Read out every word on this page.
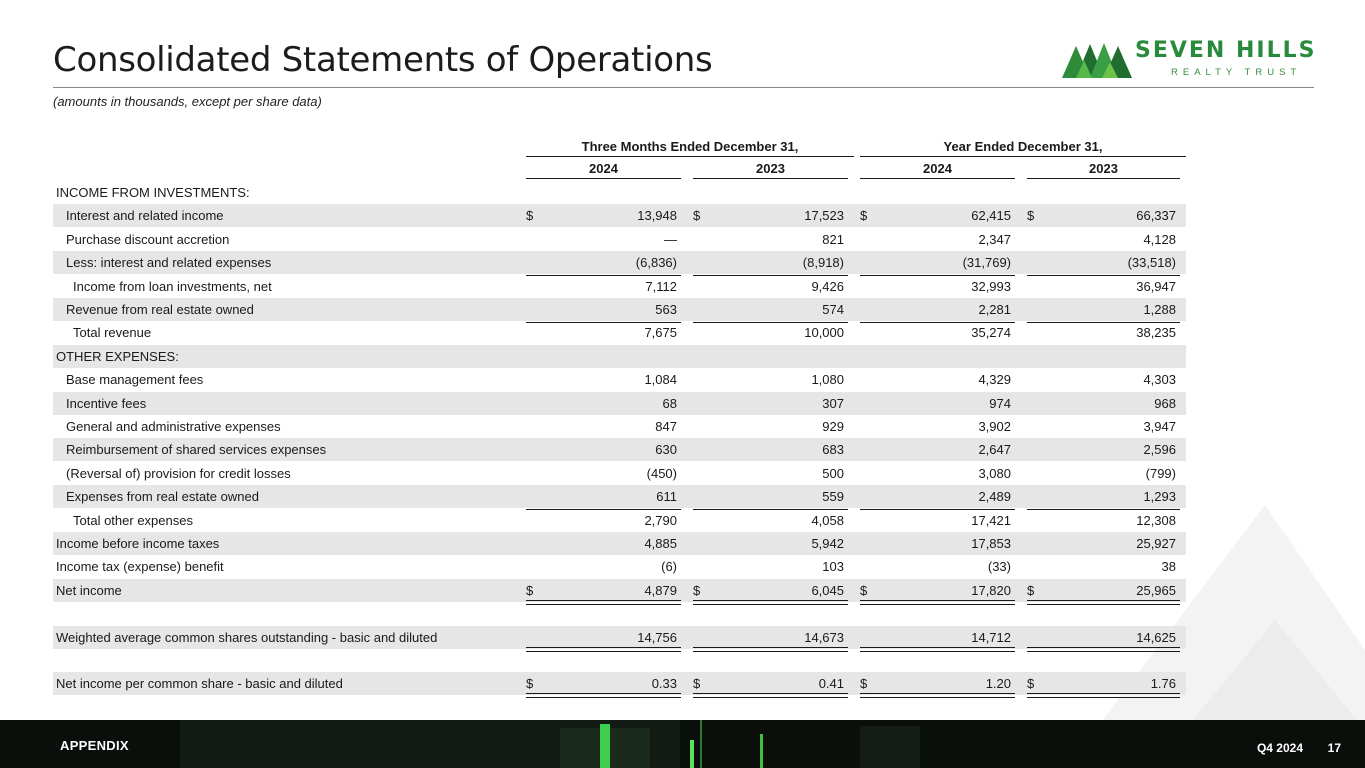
Consolidated Statements of Operations
(amounts in thousands, except per share data)
SEVEN HILLS
REALTY TRUST
Three Months Ended December 31,	Year Ended December 31,
2024	2023	2024	2023
INCOME FROM INVESTMENTS:
Interest and related income	$	13,948 $	17,523 $	62,415 $	66,337
Purchase discount accretion	—	821	2,347	4,128
Less: interest and related expenses	(6,836)	(8,918)	(31,769)	(33,518)
Income from loan investments, net	7,112	9,426	32,993	36,947
Revenue from real estate owned	563	574	2,281	1,288
Total revenue	7,675	10,000	35,274	38,235
OTHER EXPENSES:
Base management fees	1,084	1,080	4,329	4,303
Incentive fees	68	307	974	968
General and administrative expenses	847	929	3,902	3,947
Reimbursement of shared services expenses	630	683	2,647	2,596
(Reversal of) provision for credit losses	(450)	500	3,080	(799)
Expenses from real estate owned	611	559	2,489	1,293
Total other expenses	2,790	4,058	17,421	12,308
Income before income taxes	4,885	5,942	17,853	25,927
Income tax (expense) benefit	(6)	103	(33)	38
Net income	$	4,879 $	6,045 $	17,820 $	25,965
Weighted average common shares outstanding - basic and diluted	14,756	14,673	14,712	14,625
Net income per common share - basic and diluted	$	0.33 $	0.41 $	1.20 $	1.76
APPENDIX	Q4 2024 17
